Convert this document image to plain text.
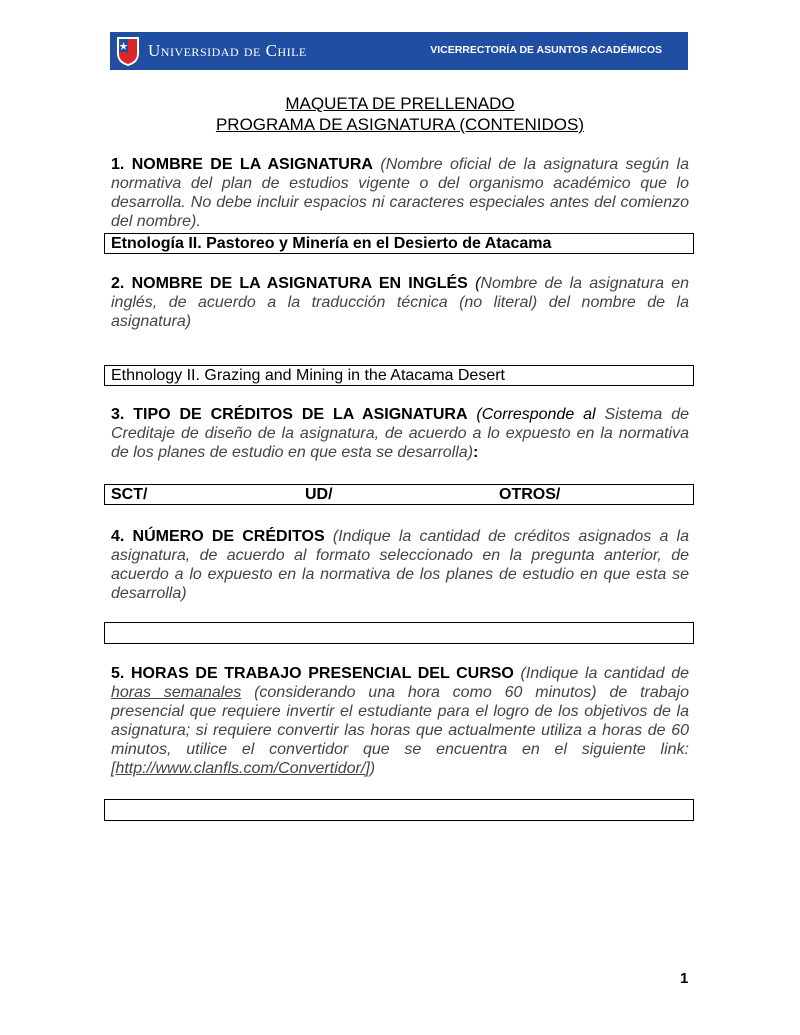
Universidad de Chile	VICERRECTORÍA DE ASUNTOS ACADÉMICOS
MAQUETA DE PRELLENADO
PROGRAMA DE ASIGNATURA (CONTENIDOS)
1. NOMBRE DE LA ASIGNATURA (Nombre oficial de la asignatura según la normativa del plan de estudios vigente o del organismo académico que lo desarrolla. No debe incluir espacios ni caracteres especiales antes del comienzo del nombre).
Etnología II. Pastoreo y Minería en el Desierto de Atacama
2. NOMBRE DE LA ASIGNATURA EN INGLÉS (Nombre de la asignatura en inglés, de acuerdo a la traducción técnica (no literal) del nombre de la asignatura)
Ethnology II. Grazing and Mining in the Atacama Desert
3. TIPO DE CRÉDITOS DE LA ASIGNATURA (Corresponde al Sistema de Creditaje de diseño de la asignatura, de acuerdo a lo expuesto en la normativa de los planes de estudio en que esta se desarrolla):
SCT/	UD/	OTROS/
4. NÚMERO DE CRÉDITOS (Indique la cantidad de créditos asignados a la asignatura, de acuerdo al formato seleccionado en la pregunta anterior, de acuerdo a lo expuesto en la normativa de los planes de estudio en que esta se desarrolla)
5. HORAS DE TRABAJO PRESENCIAL DEL CURSO (Indique la cantidad de horas semanales (considerando una hora como 60 minutos) de trabajo presencial que requiere invertir el estudiante para el logro de los objetivos de la asignatura; si requiere convertir las horas que actualmente utiliza a horas de 60 minutos, utilice el convertidor que se encuentra en el siguiente link: [http://www.clanfls.com/Convertidor/])
1
